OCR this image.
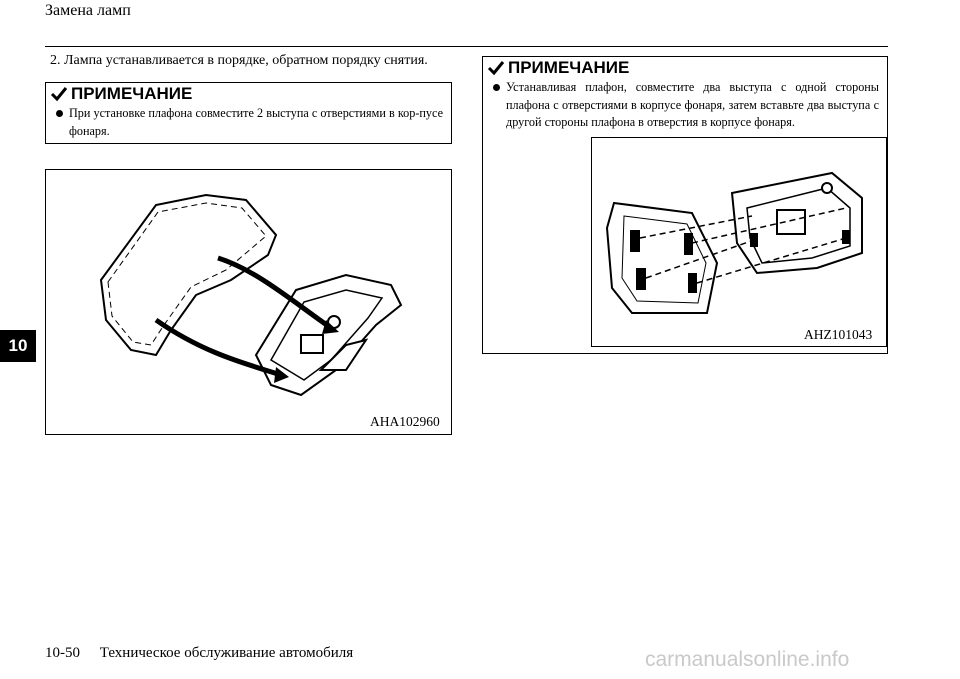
Замена ламп
10
2. Лампа устанавливается в порядке, обратном порядку снятия.
ПРИМЕЧАНИЕ
При установке плафона совместите 2 выступа с отверстиями в кор-пусе фонаря.
AHA102960
ПРИМЕЧАНИЕ
Устанавливая плафон, совместите два выступа с одной стороны плафона с отверстиями в корпусе фонаря, затем вставьте два выступа с другой стороны плафона в отверстия в корпусе фонаря.
AHZ101043
10-50 Техническое обслуживание автомобиля	carmanualsonline.info
